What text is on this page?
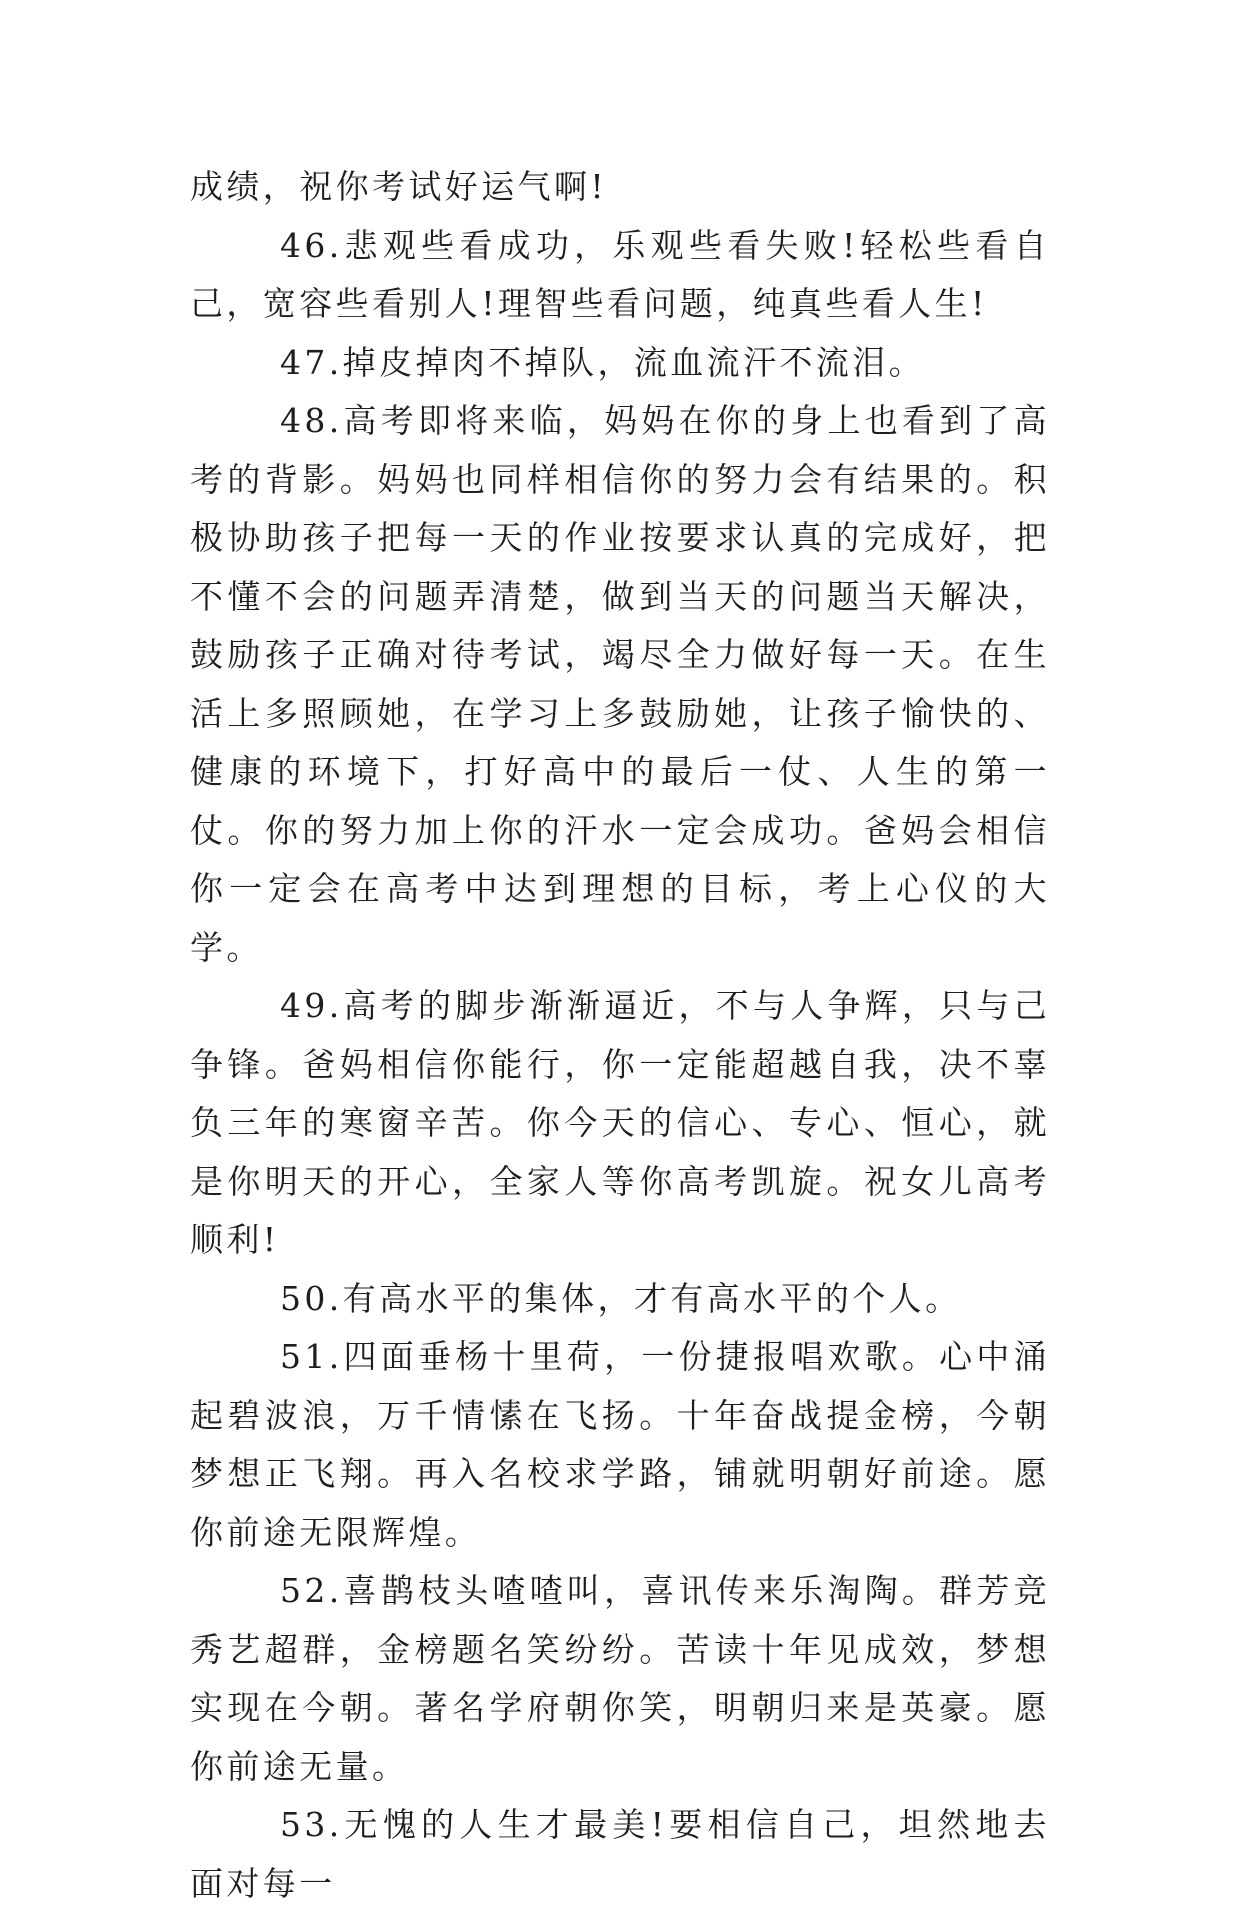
成绩，祝你考试好运气啊!

46.悲观些看成功，乐观些看失败!轻松些看自己，宽容些看别人!理智些看问题，纯真些看人生!

47.掉皮掉肉不掉队，流血流汗不流泪。

48.高考即将来临，妈妈在你的身上也看到了高考的背影。妈妈也同样相信你的努力会有结果的。积极协助孩子把每一天的作业按要求认真的完成好，把不懂不会的问题弄清楚，做到当天的问题当天解决，鼓励孩子正确对待考试，竭尽全力做好每一天。在生活上多照顾她，在学习上多鼓励她，让孩子愉快的、健康的环境下，打好高中的最后一仗、人生的第一仗。你的努力加上你的汗水一定会成功。爸妈会相信你一定会在高考中达到理想的目标，考上心仪的大学。

49.高考的脚步渐渐逼近，不与人争辉，只与己争锋。爸妈相信你能行，你一定能超越自我，决不辜负三年的寒窗辛苦。你今天的信心、专心、恒心，就是你明天的开心，全家人等你高考凯旋。祝女儿高考顺利!

50.有高水平的集体，才有高水平的个人。

51.四面垂杨十里荷，一份捷报唱欢歌。心中涌起碧波浪，万千情愫在飞扬。十年奋战提金榜，今朝梦想正飞翔。再入名校求学路，铺就明朝好前途。愿你前途无限辉煌。

52.喜鹊枝头喳喳叫，喜讯传来乐淘陶。群芳竞秀艺超群，金榜题名笑纷纷。苦读十年见成效，梦想实现在今朝。著名学府朝你笑，明朝归来是英豪。愿你前途无量。

53.无愧的人生才最美!要相信自己，坦然地去面对每一
